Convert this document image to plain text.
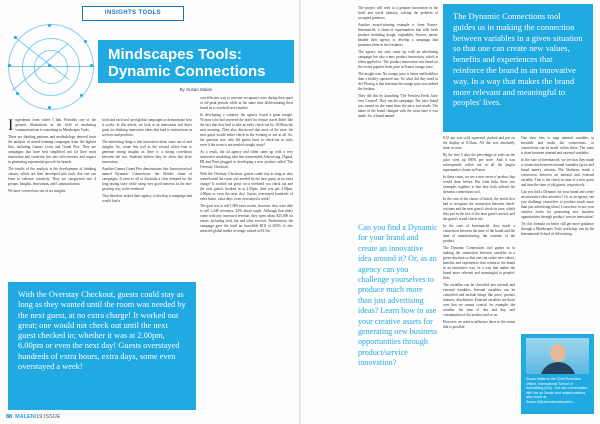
INSIGHTS TOOLS
Mindscapes Tools:
Dynamic Connections
By Susan Malan
I ngredients from where I link. Probably one of the greatest illustrations in the field of marketing communications is something in Mindscapes Tools.

There are thinking patterns and methodology derived from the analysis of award-winning campaigns from the highest lists, including Cannes Lions and Grand Prix. They are campaigns that have best simplified not for their most innovation and creativity but also effectiveness and impact in generating exponential growth for brands.

The results of the analysis is the development of thinking classes, which are then developed into tools that one can learn to enhance creativity. They are categorised into 4 groups: Insights, Innovation, and Communication.

We have covered one out of six insights

tools and each tool used global campaigns to demonstrate how it works. In this article, we look at an innovation tool that's great for thinking innovative ideas that lead to interactions in services and products.

The interesting thing is that innovative ideas come out of real insights. So, create this tool as the second which lean to generate strong insights as there is a strong correlation between the two. Students believe they be ideas that drive innovation.

Another Cannes Grand Prix demonstrates this: Innovation tool named Dynamic Connections. the Skittles chain of campaigns. It went to all of Australia a clear demand for the long-lasting story while using very good interests in the fast-growing way in the weekend.

That therefore tasked their agency to develop a campaign that would find a

cost effective way to increase occupancy rates during their quiet or off-peak periods while at the same time differentiating their brand in a crowded travel market.

In developing a solution, the agency found a great insight. Visitors who had reserved the hotel for leisure travel didn't like the fact that they had to take an early check-out by 10.00am the next morning. They also discovered that most of the time, the next guest would either check-in the evening or not at all. So, the question was, why did guests have to check-out so early even if the room is not needed straight away?

As a result, the ad agency and client came up with a very innovative marketing idea that transcended Advertising. Digital, PR and Print plugged in developing a new product called 'The Overstay Checkout'.

With the Overstay Checkout, guests could stay as long as they wanted until the room was needed by the next guest, at no extra charge! It worked out great: on a weekend you check out and the next guest's booked in at 2.00pm, then you get 2.00pm, 4.00pm or even the next day! Guests overstayed hundreds of extra hours, extra days, even overstayed a week!

The goal was to sell 1,000 extra rooms, however, they were able to sell 1,248 overstays, 20% above target. Although that didn't come with any increased revenue, they spent about $25,000 on extras, including food, bar and other services. Furthermore, the campaign gave the hotel an incredible ROI of 200%. It also attracted global media coverage valued at $1.5m.

With the Overstay Checkout, guests could stay as long as they wanted until the room was needed by the next guest, at no extra charge! It worked out great; one would not check out until the next guest checked in; whether it was at 2.00pm, 6.00pm or even the next day! Guests overstayed hundreds of extra hours, extra days, some even overstayed a week!
88 MALEN/19 ISSUE

The project will seek to a genuine innovation in the hotel and travel industry, solving the problem of occupied premises.

Another award-winning example is from France. Intermarché, a chain of supermarkets that sells fresh produce including dough, vegetables, flowers, meats, headed their agency to develop a campaign that promotes them in the freshness.

The agency not only came up with an advertising campaign but also a new product innovation, which is when applied to. The product innovation was based on the recent popular fresh juice in France orange juice.

The insight was: No orange juice is better and healthier than a freshly squeezed one. So what did they need to do? Placing it that Intermarché orange juice was indeed the freshest.

They did this by launching 'The Freshest Fresh Juice ever Created'. They run the campaign. The juice brand was turned on the same time the juice was made. The name of the brand changed with the exact time it was made. So, a brand named

Can you find a Dynamic for your brand and create an innovative idea around it? Or, as an agency can you challenge yourselves to produce much more than just advertising ideas? Learn how to use your creative assets for generating new business opportunities through product/service innovation?
The Dynamic Connections tool guides us in making the connection between variables in a given situation so that one can create new values, benefits and experiences that reinforce the brand in an innovative way. In a way that makes the brand more relevant and meaningful to peoples' lives.

8:35 am was sold, squeezed, packed and put on the display at 8.35am. All this was absolutely done in store.

By the first 5 days the percentage of sales on the juice went up 800% per store. And it was subsequently rolled out in all the largest supermarket chains in France.

In these cases, we see a new service/ product that would draw before. But what links these two examples together is that they both utilised the dynamic connections tool.

In the case of the classic of hotels, the hotels first had to recognise the connection between check-out time and the next guest's check-in time, which they put in the fact of the next guest's arrival, and the guest's actual check-out.

In the case of Intermarché, they made a connection between the time of the brand and the time of manufacturing, the contents of the product.

The Dynamic Connections tool guides us in making the connection between variables in a given situation so that one can create new values, benefits and experiences that reinforce the brand in an innovative way. In a way that makes the brand more relevant and meaningful to peoples' lives.

The variables can be classified into internal and external variables. Internal variables can be controlled and include things like price, product features, distribution. External variables are those over that we cannot control, for example: the weather, the time of day and day, and consumption of the product and so on.

However, we want to influence those to the extent that is possible.

One then tries to map internal variables to movable and make the connections, or connections can be made within these. The same is done between internal and external variables.

In the case of Intermarché, we see that they made a connection between internal variables (price and brand name), whereas The Northern, made a connection between an internal and external variable. That is the check-in time of a new guest and time the time of old guests, respectively.

Can you find a Dynamic for your brand and create an innovative idea around it? Or, as an agency can you challenge yourselves to produce much more than just advertising ideas? Learn how to use your creative assets for generating new business opportunities through product/ service innovation?

Try this formula on better still get more guidance through a Mindscapes Tools workshop, run by the International School of Advertising.

Susan Malan is the Chief Executive Officer, International School of Advertising (ISA). Get into conversation with her on Susan and related matters, also reach at Susan.M@advertisneducation...
